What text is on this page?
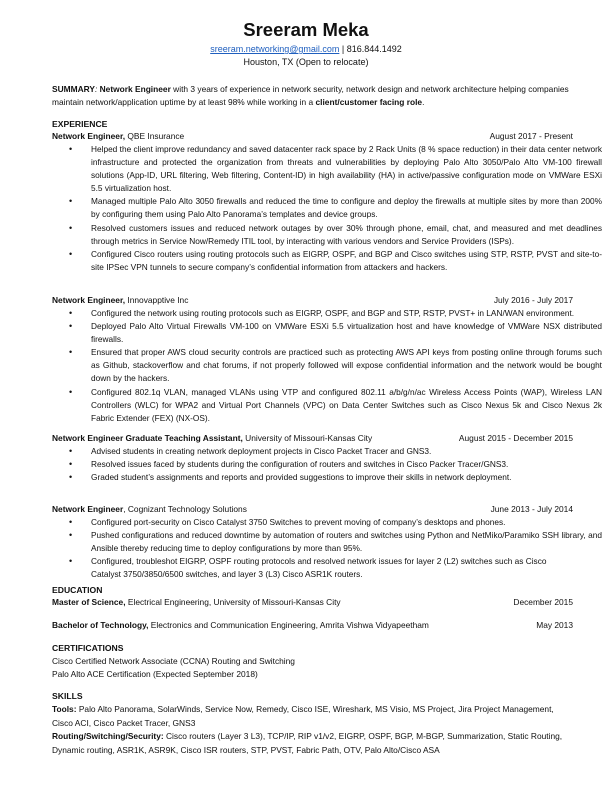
Sreeram Meka
sreeram.networking@gmail.com | 816.844.1492
Houston, TX (Open to relocate)
SUMMARY: Network Engineer with 3 years of experience in network security, network design and network architecture helping companies maintain network/application uptime by at least 98% while working in a client/customer facing role.
EXPERIENCE
Network Engineer, QBE Insurance	August 2017 - Present
• Helped the client improve redundancy and saved datacenter rack space by 2 Rack Units (8 % space reduction) in their data center network infrastructure and protected the organization from threats and vulnerabilities by deploying Palo Alto 3050/Palo Alto VM-100 firewall solutions (App-ID, URL filtering, Web filtering, Content-ID) in high availability (HA) in active/passive configuration mode on VMWare ESXi 5.5 virtualization host.
• Managed multiple Palo Alto 3050 firewalls and reduced the time to configure and deploy the firewalls at multiple sites by more than 200% by configuring them using Palo Alto Panorama’s templates and device groups.
• Resolved customers issues and reduced network outages by over 30% through phone, email, chat, and measured and met deadlines through metrics in Service Now/Remedy ITIL tool, by interacting with various vendors and Service Providers (ISPs).
• Configured Cisco routers using routing protocols such as EIGRP, OSPF, and BGP and Cisco switches using STP, RSTP, PVST and site-to-site IPSec VPN tunnels to secure company’s confidential information from attackers and hackers.
Network Engineer, Innovapptive Inc	July 2016 - July 2017
• Configured the network using routing protocols such as EIGRP, OSPF, and BGP and STP, RSTP, PVST+ in LAN/WAN environment.
• Deployed Palo Alto Virtual Firewalls VM-100 on VMWare ESXi 5.5 virtualization host and have knowledge of VMWare NSX distributed firewalls.
• Ensured that proper AWS cloud security controls are practiced such as protecting AWS API keys from posting online through forums such as Github, stackoverflow and chat forums, if not properly followed will expose confidential information and the network would be bought down by the hackers.
• Configured 802.1q VLAN, managed VLANs using VTP and configured 802.11 a/b/g/n/ac Wireless Access Points (WAP), Wireless LAN Controllers (WLC) for WPA2 and Virtual Port Channels (VPC) on Data Center Switches such as Cisco Nexus 5k and Cisco Nexus 2k Fabric Extender (FEX) (NX-OS).
Network Engineer Graduate Teaching Assistant, University of Missouri-Kansas City	August 2015 - December 2015
• Advised students in creating network deployment projects in Cisco Packet Tracer and GNS3.
• Resolved issues faced by students during the configuration of routers and switches in Cisco Packer Tracer/GNS3.
• Graded student’s assignments and reports and provided suggestions to improve their skills in network deployment.
Network Engineer, Cognizant Technology Solutions	June 2013 - July 2014
• Configured port-security on Cisco Catalyst 3750 Switches to prevent moving of company’s desktops and phones.
• Pushed configurations and reduced downtime by automation of routers and switches using Python and NetMiko/Paramiko SSH library, and Ansible thereby reducing time to deploy configurations by more than 95%.
• Configured, troubleshot EIGRP, OSPF routing protocols and resolved network issues for layer 2 (L2) switches such as Cisco Catalyst 3750/3850/6500 switches, and layer 3 (L3) Cisco ASR1K routers.
EDUCATION
Master of Science, Electrical Engineering, University of Missouri-Kansas City	December 2015
Bachelor of Technology, Electronics and Communication Engineering, Amrita Vishwa Vidyapeetham	May 2013
CERTIFICATIONS
Cisco Certified Network Associate (CCNA) Routing and Switching
Palo Alto ACE Certification (Expected September 2018)
SKILLS
Tools: Palo Alto Panorama, SolarWinds, Service Now, Remedy, Cisco ISE, Wireshark, MS Visio, MS Project, Jira Project Management, Cisco ACI, Cisco Packet Tracer, GNS3
Routing/Switching/Security: Cisco routers (Layer 3 L3), TCP/IP, RIP v1/v2, EIGRP, OSPF, BGP, M-BGP, Summarization, Static Routing, Dynamic routing, ASR1K, ASR9K, Cisco ISR routers, STP, PVST, Fabric Path, OTV, Palo Alto/Cisco ASA
